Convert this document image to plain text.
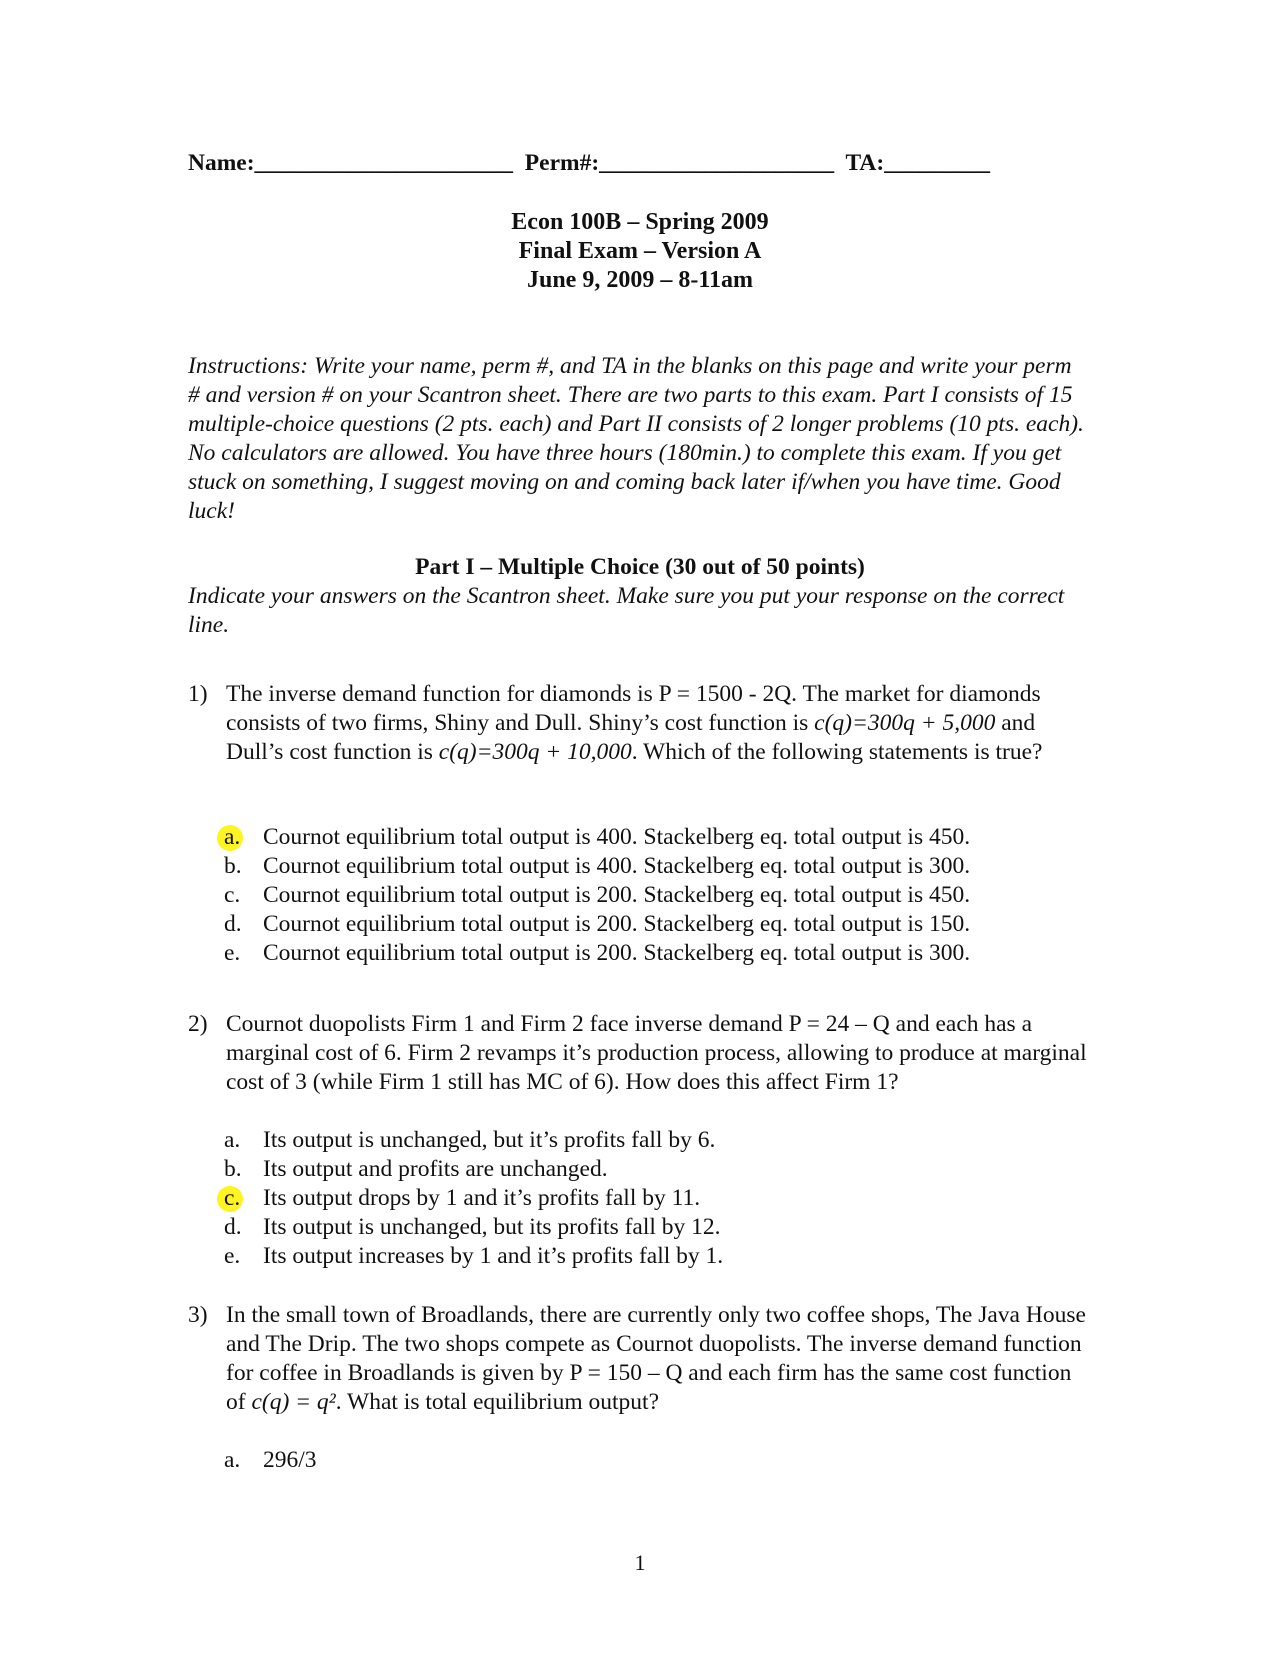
Name:______________________  Perm#:____________________  TA:_________
Econ 100B – Spring 2009
Final Exam – Version A
June 9, 2009 – 8-11am
Instructions: Write your name, perm #, and TA in the blanks on this page and write your perm # and version # on your Scantron sheet. There are two parts to this exam. Part I consists of 15 multiple-choice questions (2 pts. each) and Part II consists of 2 longer problems (10 pts. each). No calculators are allowed. You have three hours (180min.) to complete this exam. If you get stuck on something, I suggest moving on and coming back later if/when you have time. Good luck!
Part I – Multiple Choice (30 out of 50 points)
Indicate your answers on the Scantron sheet. Make sure you put your response on the correct line.
1) The inverse demand function for diamonds is P = 1500 - 2Q. The market for diamonds consists of two firms, Shiny and Dull. Shiny’s cost function is c(q)=300q + 5,000 and Dull’s cost function is c(q)=300q + 10,000. Which of the following statements is true?
a. Cournot equilibrium total output is 400. Stackelberg eq. total output is 450.
b. Cournot equilibrium total output is 400. Stackelberg eq. total output is 300.
c. Cournot equilibrium total output is 200. Stackelberg eq. total output is 450.
d. Cournot equilibrium total output is 200. Stackelberg eq. total output is 150.
e. Cournot equilibrium total output is 200. Stackelberg eq. total output is 300.
2) Cournot duopolists Firm 1 and Firm 2 face inverse demand P = 24 – Q and each has a marginal cost of 6. Firm 2 revamps it’s production process, allowing to produce at marginal cost of 3 (while Firm 1 still has MC of 6). How does this affect Firm 1?
a. Its output is unchanged, but it’s profits fall by 6.
b. Its output and profits are unchanged.
c. Its output drops by 1 and it’s profits fall by 11.
d. Its output is unchanged, but its profits fall by 12.
e. Its output increases by 1 and it’s profits fall by 1.
3) In the small town of Broadlands, there are currently only two coffee shops, The Java House and The Drip. The two shops compete as Cournot duopolists. The inverse demand function for coffee in Broadlands is given by P = 150 – Q and each firm has the same cost function of c(q) = q². What is total equilibrium output?
a. 296/3
1
